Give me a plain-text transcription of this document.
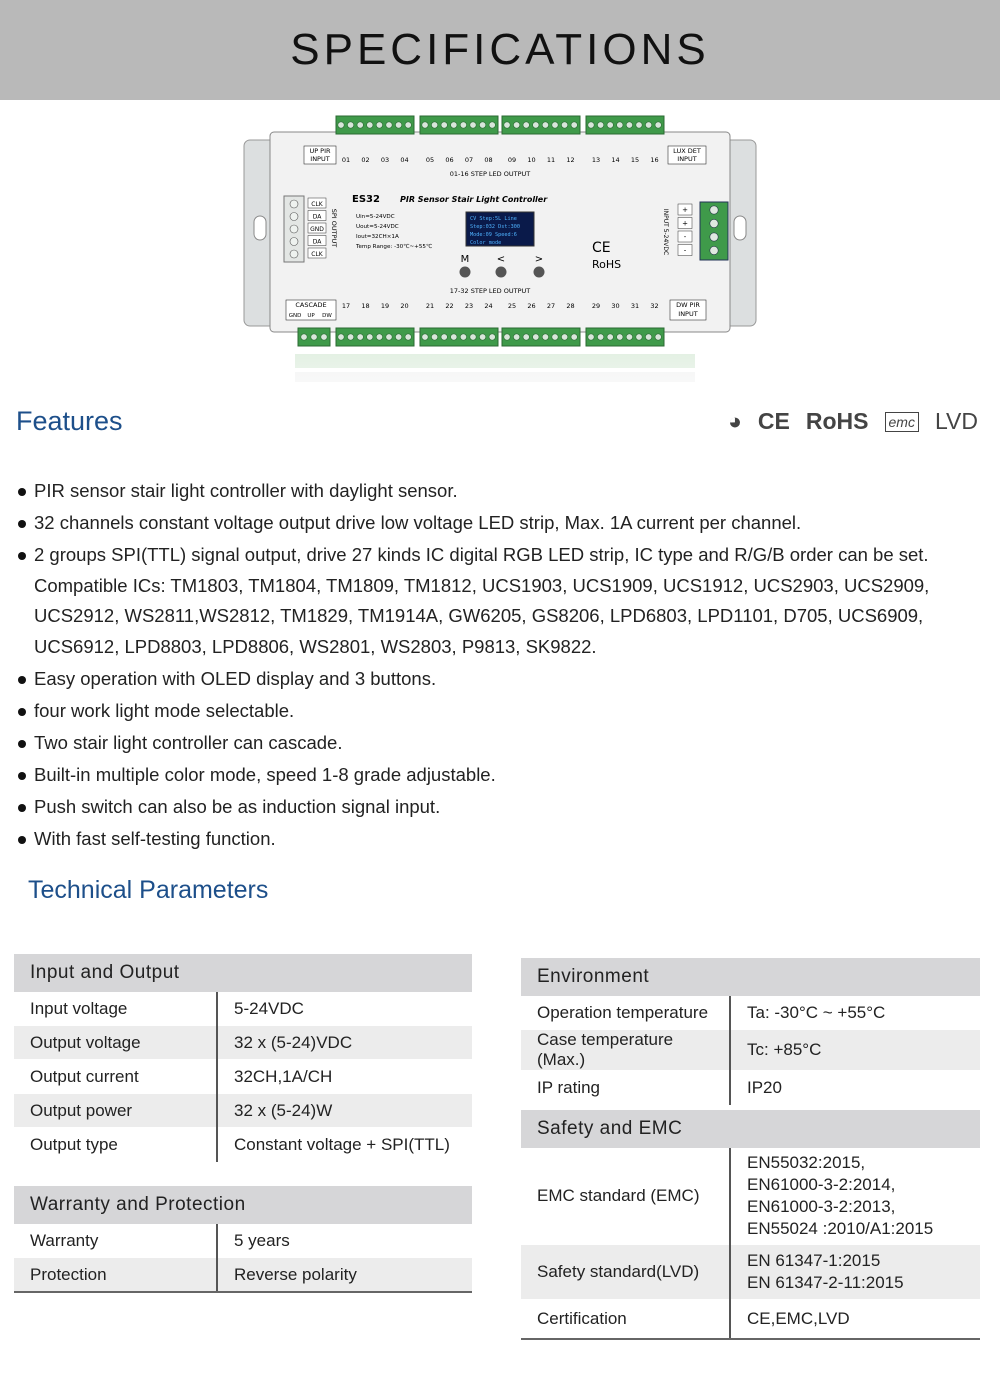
SPECIFICATIONS
UP PIR
INPUT
LUX DET
INPUT
01 02 03 04	05 06 07 08 09 10 11 12	13 14 15 16
01-16 STEP LED OUTPUT
ES32	PIR Sensor Stair Light Controller
Uin=5-24VDC
Uout=5-24VDC
Iout=32CH×1A
Temp Range: -30℃~+55℃
CLK
DA
GND
DA
CLK
SPI OUTPUT	CV Step:5L Line
Step:032 Dst:300
Mode:09 Speed:6
Color mode
M	<	>
CE
RoHS
INPUT 5-24VDC +
+
-
-
17-32 STEP LED OUTPUT
CASCADE
GND UP DW
DW PIR
INPUT
17 18 19 20	21 22 23 24 25 26 27 28	29 30 31 32
Features	◕ CE RoHS emc LVD
PIR sensor stair light controller with daylight sensor.
32 channels constant voltage output drive low voltage LED strip, Max. 1A current per channel.
2 groups SPI(TTL) signal output, drive 27 kinds IC digital RGB LED strip, IC type and R/G/B order can be set. Compatible ICs: TM1803, TM1804, TM1809, TM1812, UCS1903, UCS1909, UCS1912, UCS2903, UCS2909, UCS2912, WS2811,WS2812, TM1829, TM1914A, GW6205, GS8206, LPD6803, LPD1101, D705, UCS6909, UCS6912, LPD8803, LPD8806, WS2801, WS2803, P9813, SK9822.
Easy operation with OLED display and 3 buttons.
four work light mode selectable.
Two stair light controller can cascade.
Built-in multiple color mode, speed 1-8 grade adjustable.
Push switch can also be as induction signal input.
With fast self-testing function.
Technical Parameters
Input and Output	
Input voltage	5-24VDC
Output voltage	32 x (5-24)VDC
Output current	32CH,1A/CH
Output power	32 x (5-24)W
Output type	Constant voltage + SPI(TTL)
Warranty and Protection	
Warranty	5 years
Protection	Reverse polarity
Environment	
Operation temperature	Ta: -30°C ~ +55°C
Case temperature (Max.)	Tc: +85°C
IP rating	IP20
Safety and EMC	
EMC standard (EMC)	EN55032:2015,
EN61000-3-2:2014,
EN61000-3-2:2013,
EN55024 :2010/A1:2015

Safety standard(LVD)	EN 61347-1:2015
EN 61347-2-11:2015

Certification	CE,EMC,LVD
